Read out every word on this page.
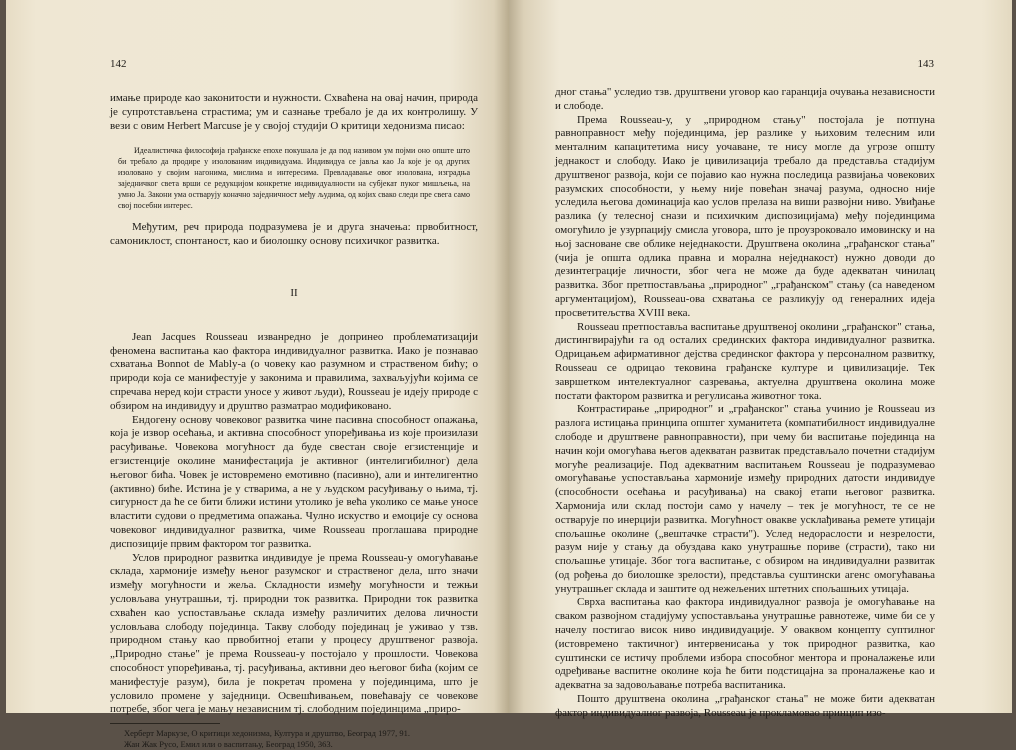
142

имање природе као законитости и нужности. Схваћена на овај начин, природа је супротстављена страстима; ум и сазнање требало је да их контролишу. У вези с овим Herbert Marcuse је у својој студији О критици хедонизма писао:

Идеалистичка философија грађанске епохе покушала је да под називом ум појми оно опште што би требало да продире у изолованим индивидуама. Индивидуа се јавља као Ја које је од других изоловано у својим нагонима, мислима и интересима. Превладавање овог изолована, изградња заједничког света врши се редукцијом конкретне индивидуалности на субјекат пуког мишљења, на умно Ја. Закони ума остварују коначно заједничност међу људима, од којих свако следи пре свега само свој посебни интерес.

Међутим, реч природа подразумева је и друга значења: првобитност, самониклост, спонтаност, као и биолошку основу психичког развитка.

II

Jean Jacques Rousseau изванредно је допринео проблематизацији феномена васпитања као фактора индивидуалног развитка. Иако је познавао схватања Bonnot de Mably-a (о човеку као разумном и страственом бићу; о природи која се манифестује у законима и правилима, захваљујући којима се спречава неред који страсти уносе у живот људи), Rousseau је идеју природе с обзиром на индивидуу и друштво разматрао модификовано.

Ендогену основу човековог развитка чине пасивна способност опажања, која је извор осећања, и активна способност упоређивања из које произилази расуђивање. Човекова могућност да буде свестан своје егзистенције и егзистенције околине манифестација је активног (интелигибилног) дела његовог бића. Човек је истовремено емотивно (пасивно), али и интелигентно (активно) биће. Истина је у стварима, а не у људском расуђивању о њима, тј. сигурност да ће се бити ближи истини утолико је већа уколико се мање уносе властити судови о предметима опажања. Чулно искуство и емоције су основа човековог индивидуалног развитка, чиме Rousseau проглашава природне диспозиције првим фактором тог развитка.

Услов природног развитка индивидуе је према Rousseau-у омогућавање склада, хармоније између њеног разумског и страственог дела, што значи између могућности и жеља. Складности између могућности и тежњи условљава унутрашњи, тј. природни ток развитка. Природни ток развитка схваћен као успостављање склада између различитих делова личности условљава слободу појединца. Такву слободу појединац је уживао у тзв. природном стању као првобитној етапи у процесу друштвеног развоја. „Природно стање" је према Rousseau-у постојало у прошлости. Човекова способност упоређивања, тј. расуђивања, активни део његовог бића (којим се манифестује разум), била је покретач промена у појединцима, што је условило промене у заједници. Освешћивањем, повећавају се човекове потребе, због чега је мању независним тј. слободним појединцима „приро-

Херберт Маркузе, О критици хедонизма, Култура и друштво, Београд 1977, 91.

Жан Жак Русо, Емил или о васпитању, Београд 1950, 363.

143

дног стања" уследио тзв. друштвени уговор као гаранција очувања независности и слободе.

Према Rousseau-у, у „природном стању" постојала је потпуна равноправност међу појединцима, јер разлике у њиховим телесним или менталним капацитетима нису уочаване, те нису могле да угрозе општу једнакост и слободу. Иако је цивилизација требало да представља стадијум друштвеног развоја, који се појавио као нужна последица развијања човекових разумских способности, у њему није повећан значај разума, односно није уследила његова доминација као услов прелаза на виши развојни ниво. Увиђање разлика (у телесној снази и психичким диспозицијама) међу појединцима омогућило је узурпацију смисла уговора, што је проузроковало имовинску и на њој засноване све облике неједнакости. Друштвена околина „грађанског стања" (чија је општа одлика правна и морална неједнакост) нужно доводи до дезинтеграције личности, због чега не може да буде адекватан чинилац развитка. Због претпостављања „природног" „грађанском" стању (са наведеном аргументацијом), Rousseau-ова схватања се разликују од генералних идеја просветитељства XVIII века.

Rousseau претпоставља васпитање друштвеној околини „грађанског" стања, дистингвирајући га од осталих срединских фактора индивидуалног развитка. Одрицањем афирмативног дејства срединског фактора у персоналном развитку, Rousseau се одрицао тековина грађанске културе и цивилизације. Тек завршетком интелектуалног сазревања, актуелна друштвена околина може постати фактором развитка и регулисања животног тока.

Контрастирање „природног" и „грађанског" стања учинио је Rousseau из разлога истицања принципа општег хуманитета (компатибилност индивидуалне слободе и друштвене равноправности), при чему би васпитање појединца на начин који омогућава његов адекватан развитак представљало почетни стадијум могуће реализације. Под адекватним васпитањем Rousseau је подразумевао омогућавање успостављања хармоније између природних датости индивидуе (способности осећања и расуђивања) на свакој етапи његовог развитка. Хармонија или склад постоји само у начелу – тек је могућност, те се не остварује по инерцији развитка. Могућност овакве усклађивања ремете утицаји спољашње околине („вештачке страсти"). Услед недораслости и незрелости, разум није у стању да обуздава како унутрашње пориве (страсти), тако ни спољашње утицаје. Због тога васпитање, с обзиром на индивидуални развитак (од рођења до биолошке зрелости), представља суштински агенс омогућавања унутрашњег склада и заштите од нежељених штетних спољашњих утицаја.

Сврха васпитања као фактора индивидуалног развоја је омогућавање на сваком развојном стадијуму успостављања унутрашње равнотеже, чиме би се у начелу постигао висок ниво индивидуације. У оваквом концепту суптилног (истовремено тактичног) интервенисања у ток природног развитка, као суштински се истичу проблеми избора способног ментора и проналажење или одређивање васпитне околине која ће бити подстицајна за проналажење као и адекватна за задовољавање потреба васпитаника.

Пошто друштвена околина „грађанског стања" не може бити адекватан фактор индивидуалног развоја, Rousseau је прокламовао принцип изо-
